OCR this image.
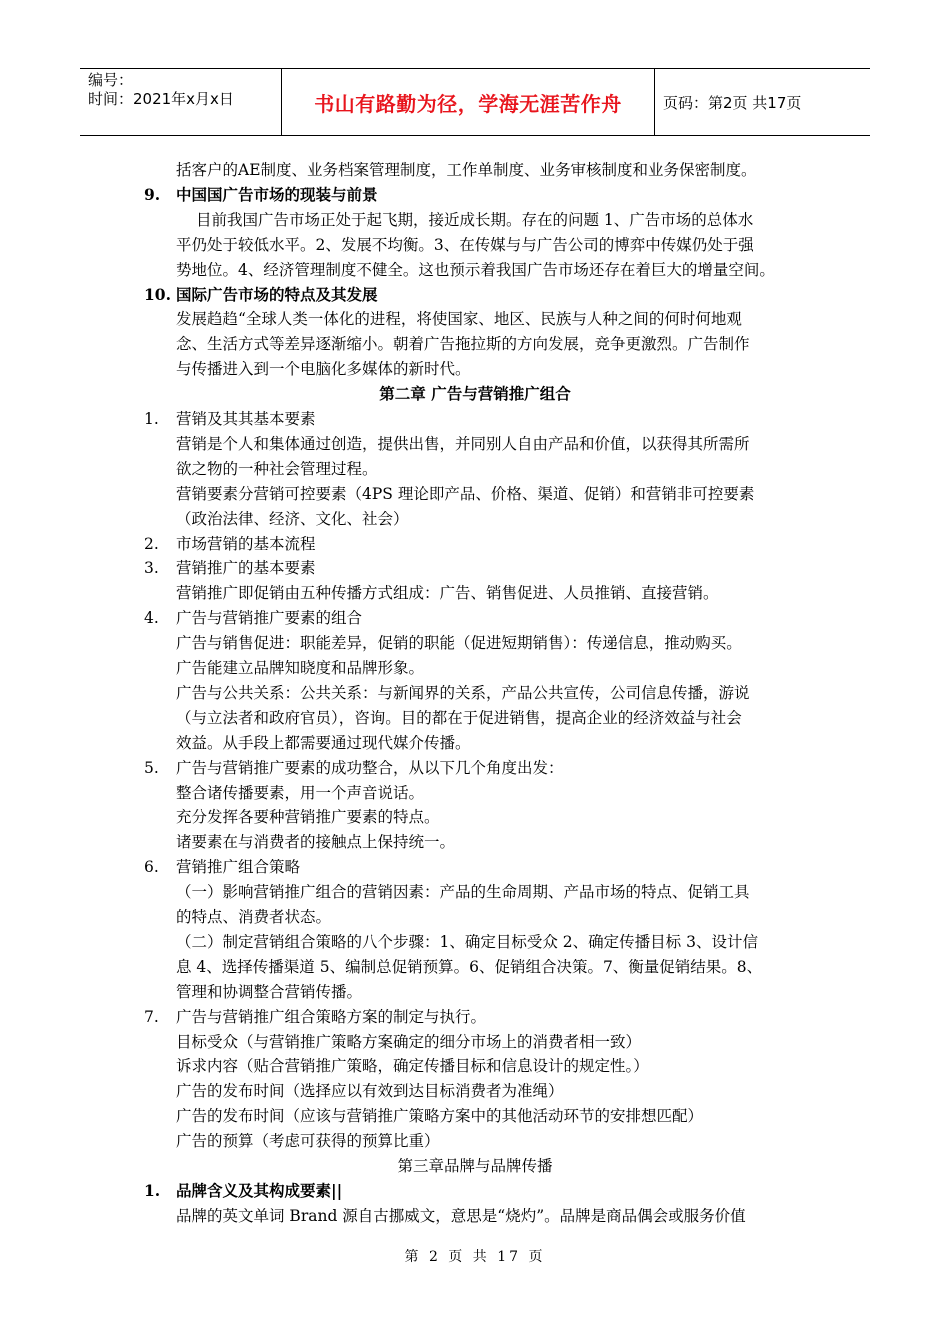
编号：
时间：2021年x月x日	书山有路勤为径，学海无涯苦作舟	页码：第2页 共17页
括客户的AE制度、业务档案管理制度，工作单制度、业务审核制度和业务保密制度。
9. 中国国广告市场的现装与前景
目前我国广告市场正处于起飞期，接近成长期。存在的问题 1、广告市场的总体水
平仍处于较低水平。2、发展不均衡。3、在传媒与与广告公司的博弈中传媒仍处于强
势地位。4、经济管理制度不健全。这也预示着我国广告市场还存在着巨大的增量空间。
10. 国际广告市场的特点及其发展
发展趋趋“全球人类一体化的进程，将使国家、地区、民族与人种之间的何时何地观
念、生活方式等差异逐渐缩小。朝着广告拖拉斯的方向发展，竞争更激烈。广告制作
与传播进入到一个电脑化多媒体的新时代。
第二章 广告与营销推广组合
1. 营销及其其基本要素
营销是个人和集体通过创造，提供出售，并同别人自由产品和价值，以获得其所需所
欲之物的一种社会管理过程。
营销要素分营销可控要素（4PS 理论即产品、价格、渠道、促销）和营销非可控要素
（政治法律、经济、文化、社会）
2. 市场营销的基本流程
3. 营销推广的基本要素
营销推广即促销由五种传播方式组成：广告、销售促进、人员推销、直接营销。
4. 广告与营销推广要素的组合
广告与销售促进：职能差异，促销的职能（促进短期销售）：传递信息，推动购买。
广告能建立品牌知晓度和品牌形象。
广告与公共关系：公共关系：与新闻界的关系，产品公共宣传，公司信息传播，游说
（与立法者和政府官员），咨询。目的都在于促进销售，提高企业的经济效益与社会
效益。从手段上都需要通过现代媒介传播。
5. 广告与营销推广要素的成功整合，从以下几个角度出发：
整合诸传播要素，用一个声音说话。
充分发挥各要种营销推广要素的特点。
诸要素在与消费者的接触点上保持统一。
6. 营销推广组合策略
（一）影响营销推广组合的营销因素：产品的生命周期、产品市场的特点、促销工具
的特点、消费者状态。
（二）制定营销组合策略的八个步骤：1、确定目标受众 2、确定传播目标 3、设计信
息 4、选择传播渠道 5、编制总促销预算。6、促销组合决策。7、衡量促销结果。8、
管理和协调整合营销传播。
7. 广告与营销推广组合策略方案的制定与执行。
目标受众（与营销推广策略方案确定的细分市场上的消费者相一致）
诉求内容（贴合营销推广策略，确定传播目标和信息设计的规定性。）
广告的发布时间（选择应以有效到达目标消费者为准绳）
广告的发布时间（应该与营销推广策略方案中的其他活动环节的安排想匹配）
广告的预算（考虑可获得的预算比重）
第三章品牌与品牌传播
1. 品牌含义及其构成要素||
品牌的英文单词 Brand 源自古挪威文，意思是“烧灼”。品牌是商品偶会或服务价值
第 2 页 共 17 页
